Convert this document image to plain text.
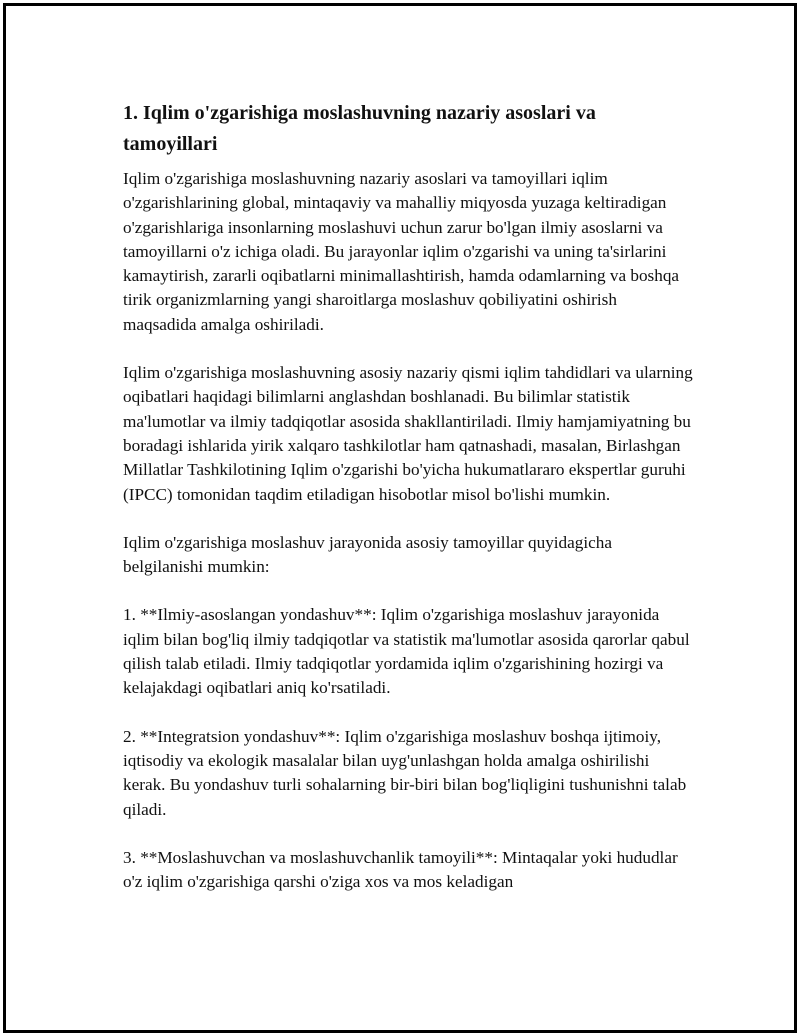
1. Iqlim o'zgarishiga moslashuvning nazariy asoslari va tamoyillari

Iqlim o'zgarishiga moslashuvning nazariy asoslari va tamoyillari iqlim o'zgarishlarining global, mintaqaviy va mahalliy miqyosda yuzaga keltiradigan o'zgarishlariga insonlarning moslashuvi uchun zarur bo'lgan ilmiy asoslarni va tamoyillarni o'z ichiga oladi. Bu jarayonlar iqlim o'zgarishi va uning ta'sirlarini kamaytirish, zararli oqibatlarni minimallashtirish, hamda odamlarning va boshqa tirik organizmlarning yangi sharoitlarga moslashuv qobiliyatini oshirish maqsadida amalga oshiriladi.

Iqlim o'zgarishiga moslashuvning asosiy nazariy qismi iqlim tahdidlari va ularning oqibatlari haqidagi bilimlarni anglashdan boshlanadi. Bu bilimlar statistik ma'lumotlar va ilmiy tadqiqotlar asosida shakllantiriladi. Ilmiy hamjamiyatning bu boradagi ishlarida yirik xalqaro tashkilotlar ham qatnashadi, masalan, Birlashgan Millatlar Tashkilotining Iqlim o'zgarishi bo'yicha hukumatlararo ekspertlar guruhi (IPCC) tomonidan taqdim etiladigan hisobotlar misol bo'lishi mumkin.

Iqlim o'zgarishiga moslashuv jarayonida asosiy tamoyillar quyidagicha belgilanishi mumkin:

1. **Ilmiy-asoslangan yondashuv**: Iqlim o'zgarishiga moslashuv jarayonida iqlim bilan bog'liq ilmiy tadqiqotlar va statistik ma'lumotlar asosida qarorlar qabul qilish talab etiladi. Ilmiy tadqiqotlar yordamida iqlim o'zgarishining hozirgi va kelajakdagi oqibatlari aniq ko'rsatiladi.

2. **Integratsion yondashuv**: Iqlim o'zgarishiga moslashuv boshqa ijtimoiy, iqtisodiy va ekologik masalalar bilan uyg'unlashgan holda amalga oshirilishi kerak. Bu yondashuv turli sohalarning bir-biri bilan bog'liqligini tushunishni talab qiladi.

3. **Moslashuvchan va moslashuvchanlik tamoyili**: Mintaqalar yoki hududlar o'z iqlim o'zgarishiga qarshi o'ziga xos va mos keladigan
